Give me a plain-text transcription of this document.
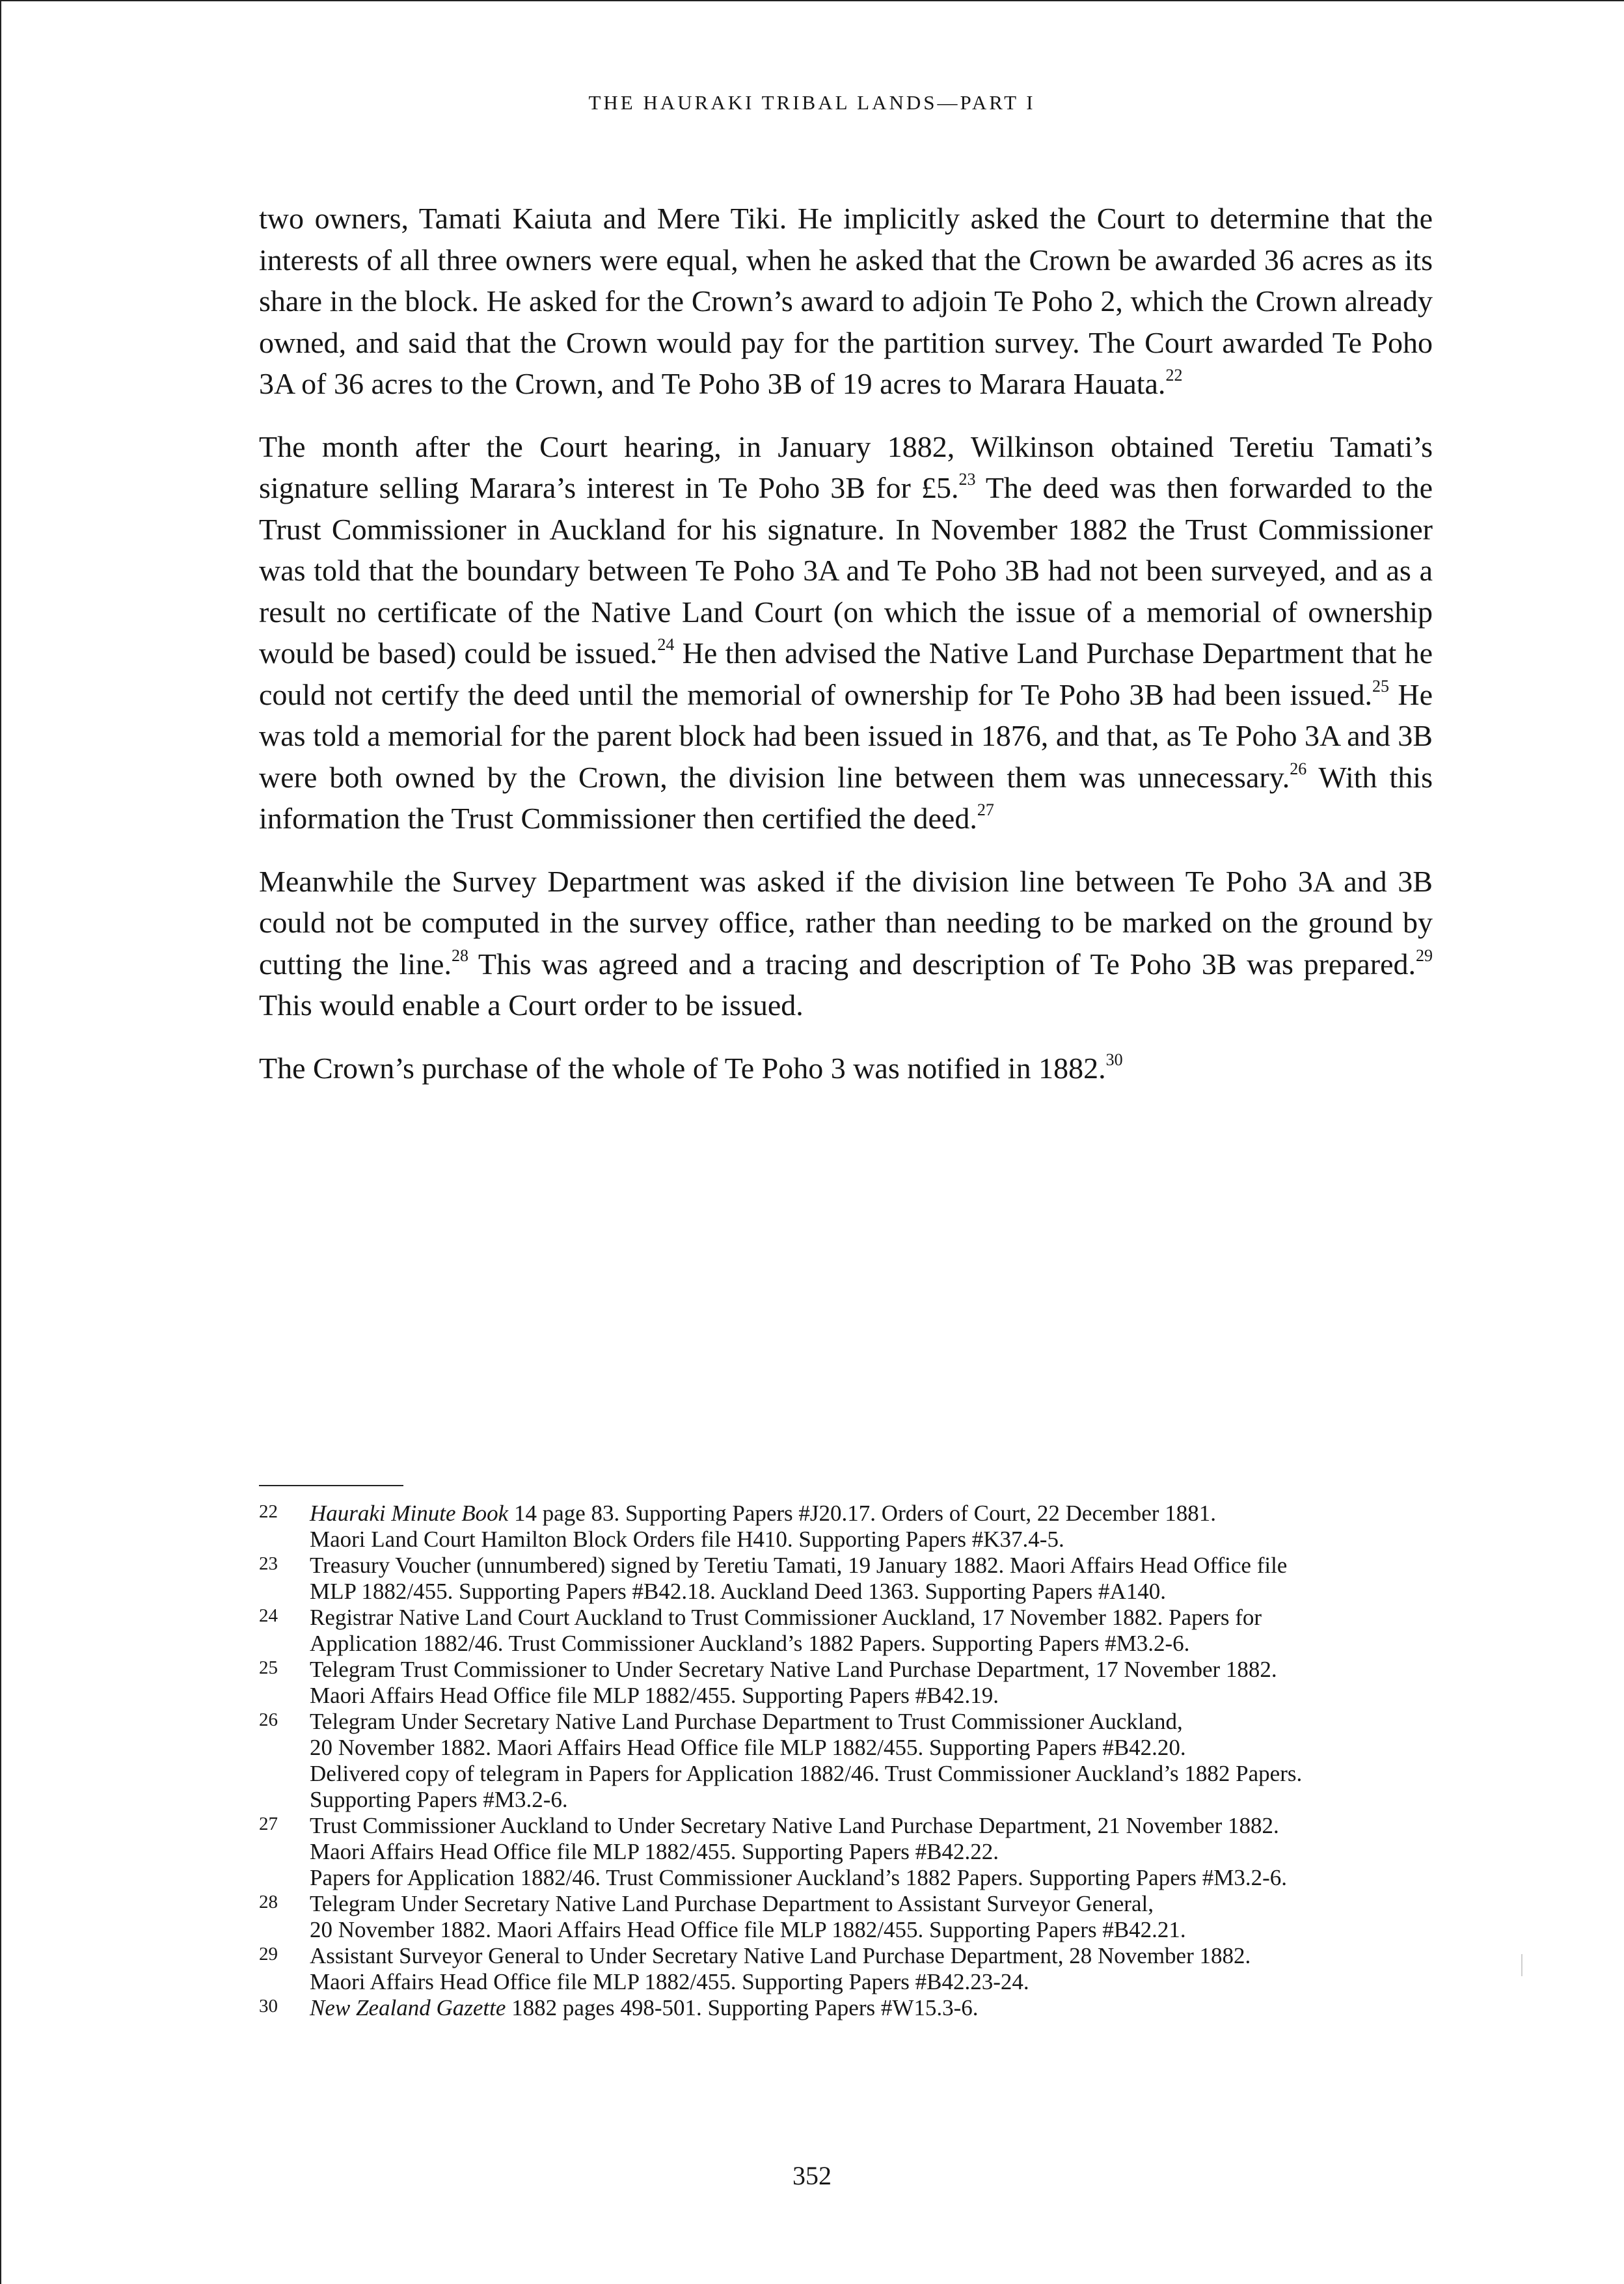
THE HAURAKI TRIBAL LANDS—PART I

two owners, Tamati Kaiuta and Mere Tiki. He implicitly asked the Court to determine that the interests of all three owners were equal, when he asked that the Crown be awarded 36 acres as its share in the block. He asked for the Crown’s award to adjoin Te Poho 2, which the Crown already owned, and said that the Crown would pay for the partition survey. The Court awarded Te Poho 3A of 36 acres to the Crown, and Te Poho 3B of 19 acres to Marara Hauata.$^{22}$

The month after the Court hearing, in January 1882, Wilkinson obtained Teretiu Tamati’s signature selling Marara’s interest in Te Poho 3B for £5.23 The deed was then forwarded to the Trust Commissioner in Auckland for his signature. In November 1882 the Trust Commissioner was told that the boundary between Te Poho 3A and Te Poho 3B had not been surveyed, and as a result no certificate of the Native Land Court (on which the issue of a memorial of ownership would be based) could be issued.$^{24}$ He then advised the Native Land Purchase Department that he could not certify the deed until the memorial of ownership for Te Poho 3B had been issued.$^{25}$ He was told a memorial for the parent block had been issued in 1876, and that, as Te Poho 3A and 3B were both owned by the Crown, the division line between them was unnecessary.$^{26}$ With this information the Trust Commissioner then certified the deed.$^{27}$

Meanwhile the Survey Department was asked if the division line between Te Poho 3A and 3B could not be computed in the survey office, rather than needing to be marked on the ground by cutting the line.$^{28}$ This was agreed and a tracing and description of Te Poho 3B was prepared.$^{29}$ This would enable a Court order to be issued.

The Crown’s purchase of the whole of Te Poho 3 was notified in 1882.30

22	Hauraki Minute Book 14 page 83. Supporting Papers #J20.17. Orders of Court, 22 December 1881.
Maori Land Court Hamilton Block Orders file H410. Supporting Papers #K37.4-5.
23	Treasury Voucher (unnumbered) signed by Teretiu Tamati, 19 January 1882. Maori Affairs Head Office file
MLP 1882/455. Supporting Papers #B42.18. Auckland Deed 1363. Supporting Papers #A140.
24	Registrar Native Land Court Auckland to Trust Commissioner Auckland, 17 November 1882. Papers for
Application 1882/46. Trust Commissioner Auckland’s 1882 Papers. Supporting Papers #M3.2-6.
25	Telegram Trust Commissioner to Under Secretary Native Land Purchase Department, 17 November 1882.
Maori Affairs Head Office file MLP 1882/455. Supporting Papers #B42.19.
26	Telegram Under Secretary Native Land Purchase Department to Trust Commissioner Auckland,
20 November 1882. Maori Affairs Head Office file MLP 1882/455. Supporting Papers #B42.20.
Delivered copy of telegram in Papers for Application 1882/46. Trust Commissioner Auckland’s 1882 Papers.
Supporting Papers #M3.2-6.
27	Trust Commissioner Auckland to Under Secretary Native Land Purchase Department, 21 November 1882.
Maori Affairs Head Office file MLP 1882/455. Supporting Papers #B42.22.
Papers for Application 1882/46. Trust Commissioner Auckland’s 1882 Papers. Supporting Papers #M3.2-6.
28	Telegram Under Secretary Native Land Purchase Department to Assistant Surveyor General,
20 November 1882. Maori Affairs Head Office file MLP 1882/455. Supporting Papers #B42.21.
29	Assistant Surveyor General to Under Secretary Native Land Purchase Department, 28 November 1882.
Maori Affairs Head Office file MLP 1882/455. Supporting Papers #B42.23-24.
30	New Zealand Gazette 1882 pages 498-501. Supporting Papers #W15.3-6.
352
